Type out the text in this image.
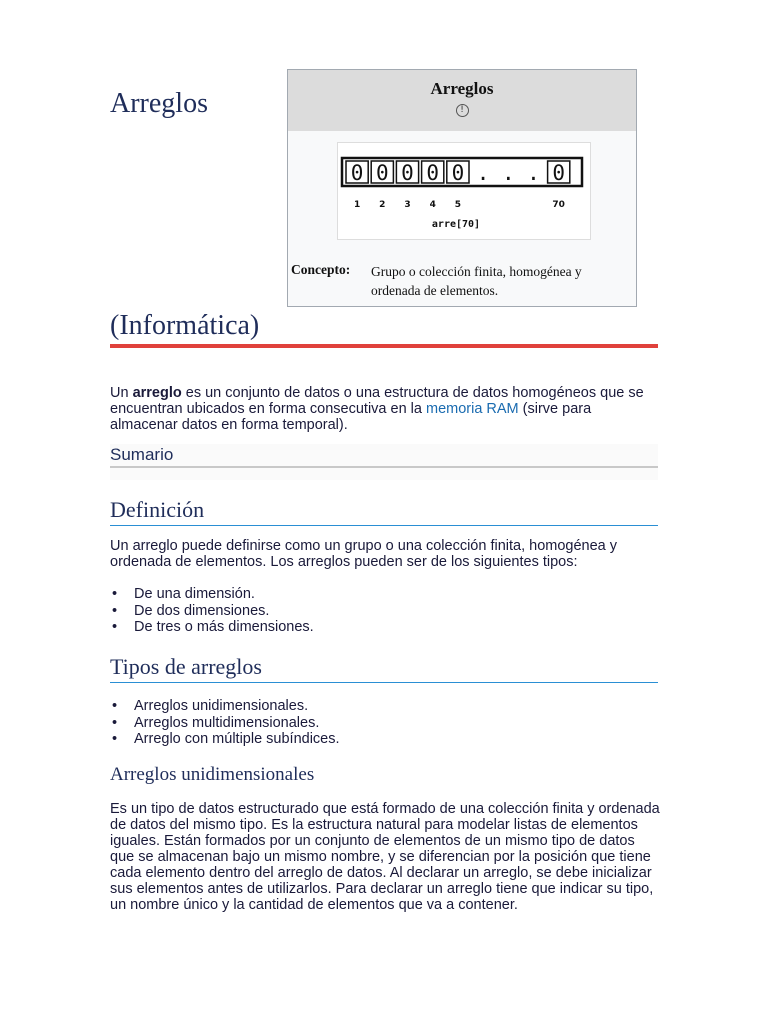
Arreglos	Arreglos
!
0 0 0 0 0 . . . 0
1 2 3 4 5	70
arre[70]
Concepto: Grupo o colección finita, homogénea y ordenada de elementos.
(Informática)

Un arreglo es un conjunto de datos o una estructura de datos homogéneos que se encuentran ubicados en forma consecutiva en la memoria RAM (sirve para almacenar datos en forma temporal).

Sumario
Definición

Un arreglo puede definirse como un grupo o una colección finita, homogénea y ordenada de elementos. Los arreglos pueden ser de los siguientes tipos:

• De una dimensión.
• De dos dimensiones.
• De tres o más dimensiones.
Tipos de arreglos
• Arreglos unidimensionales.
• Arreglos multidimensionales.
• Arreglo con múltiple subíndices.
Arreglos unidimensionales

Es un tipo de datos estructurado que está formado de una colección finita y ordenada de datos del mismo tipo. Es la estructura natural para modelar listas de elementos iguales. Están formados por un conjunto de elementos de un mismo tipo de datos que se almacenan bajo un mismo nombre, y se diferencian por la posición que tiene cada elemento dentro del arreglo de datos. Al declarar un arreglo, se debe inicializar sus elementos antes de utilizarlos. Para declarar un arreglo tiene que indicar su tipo, un nombre único y la cantidad de elementos que va a contener.
